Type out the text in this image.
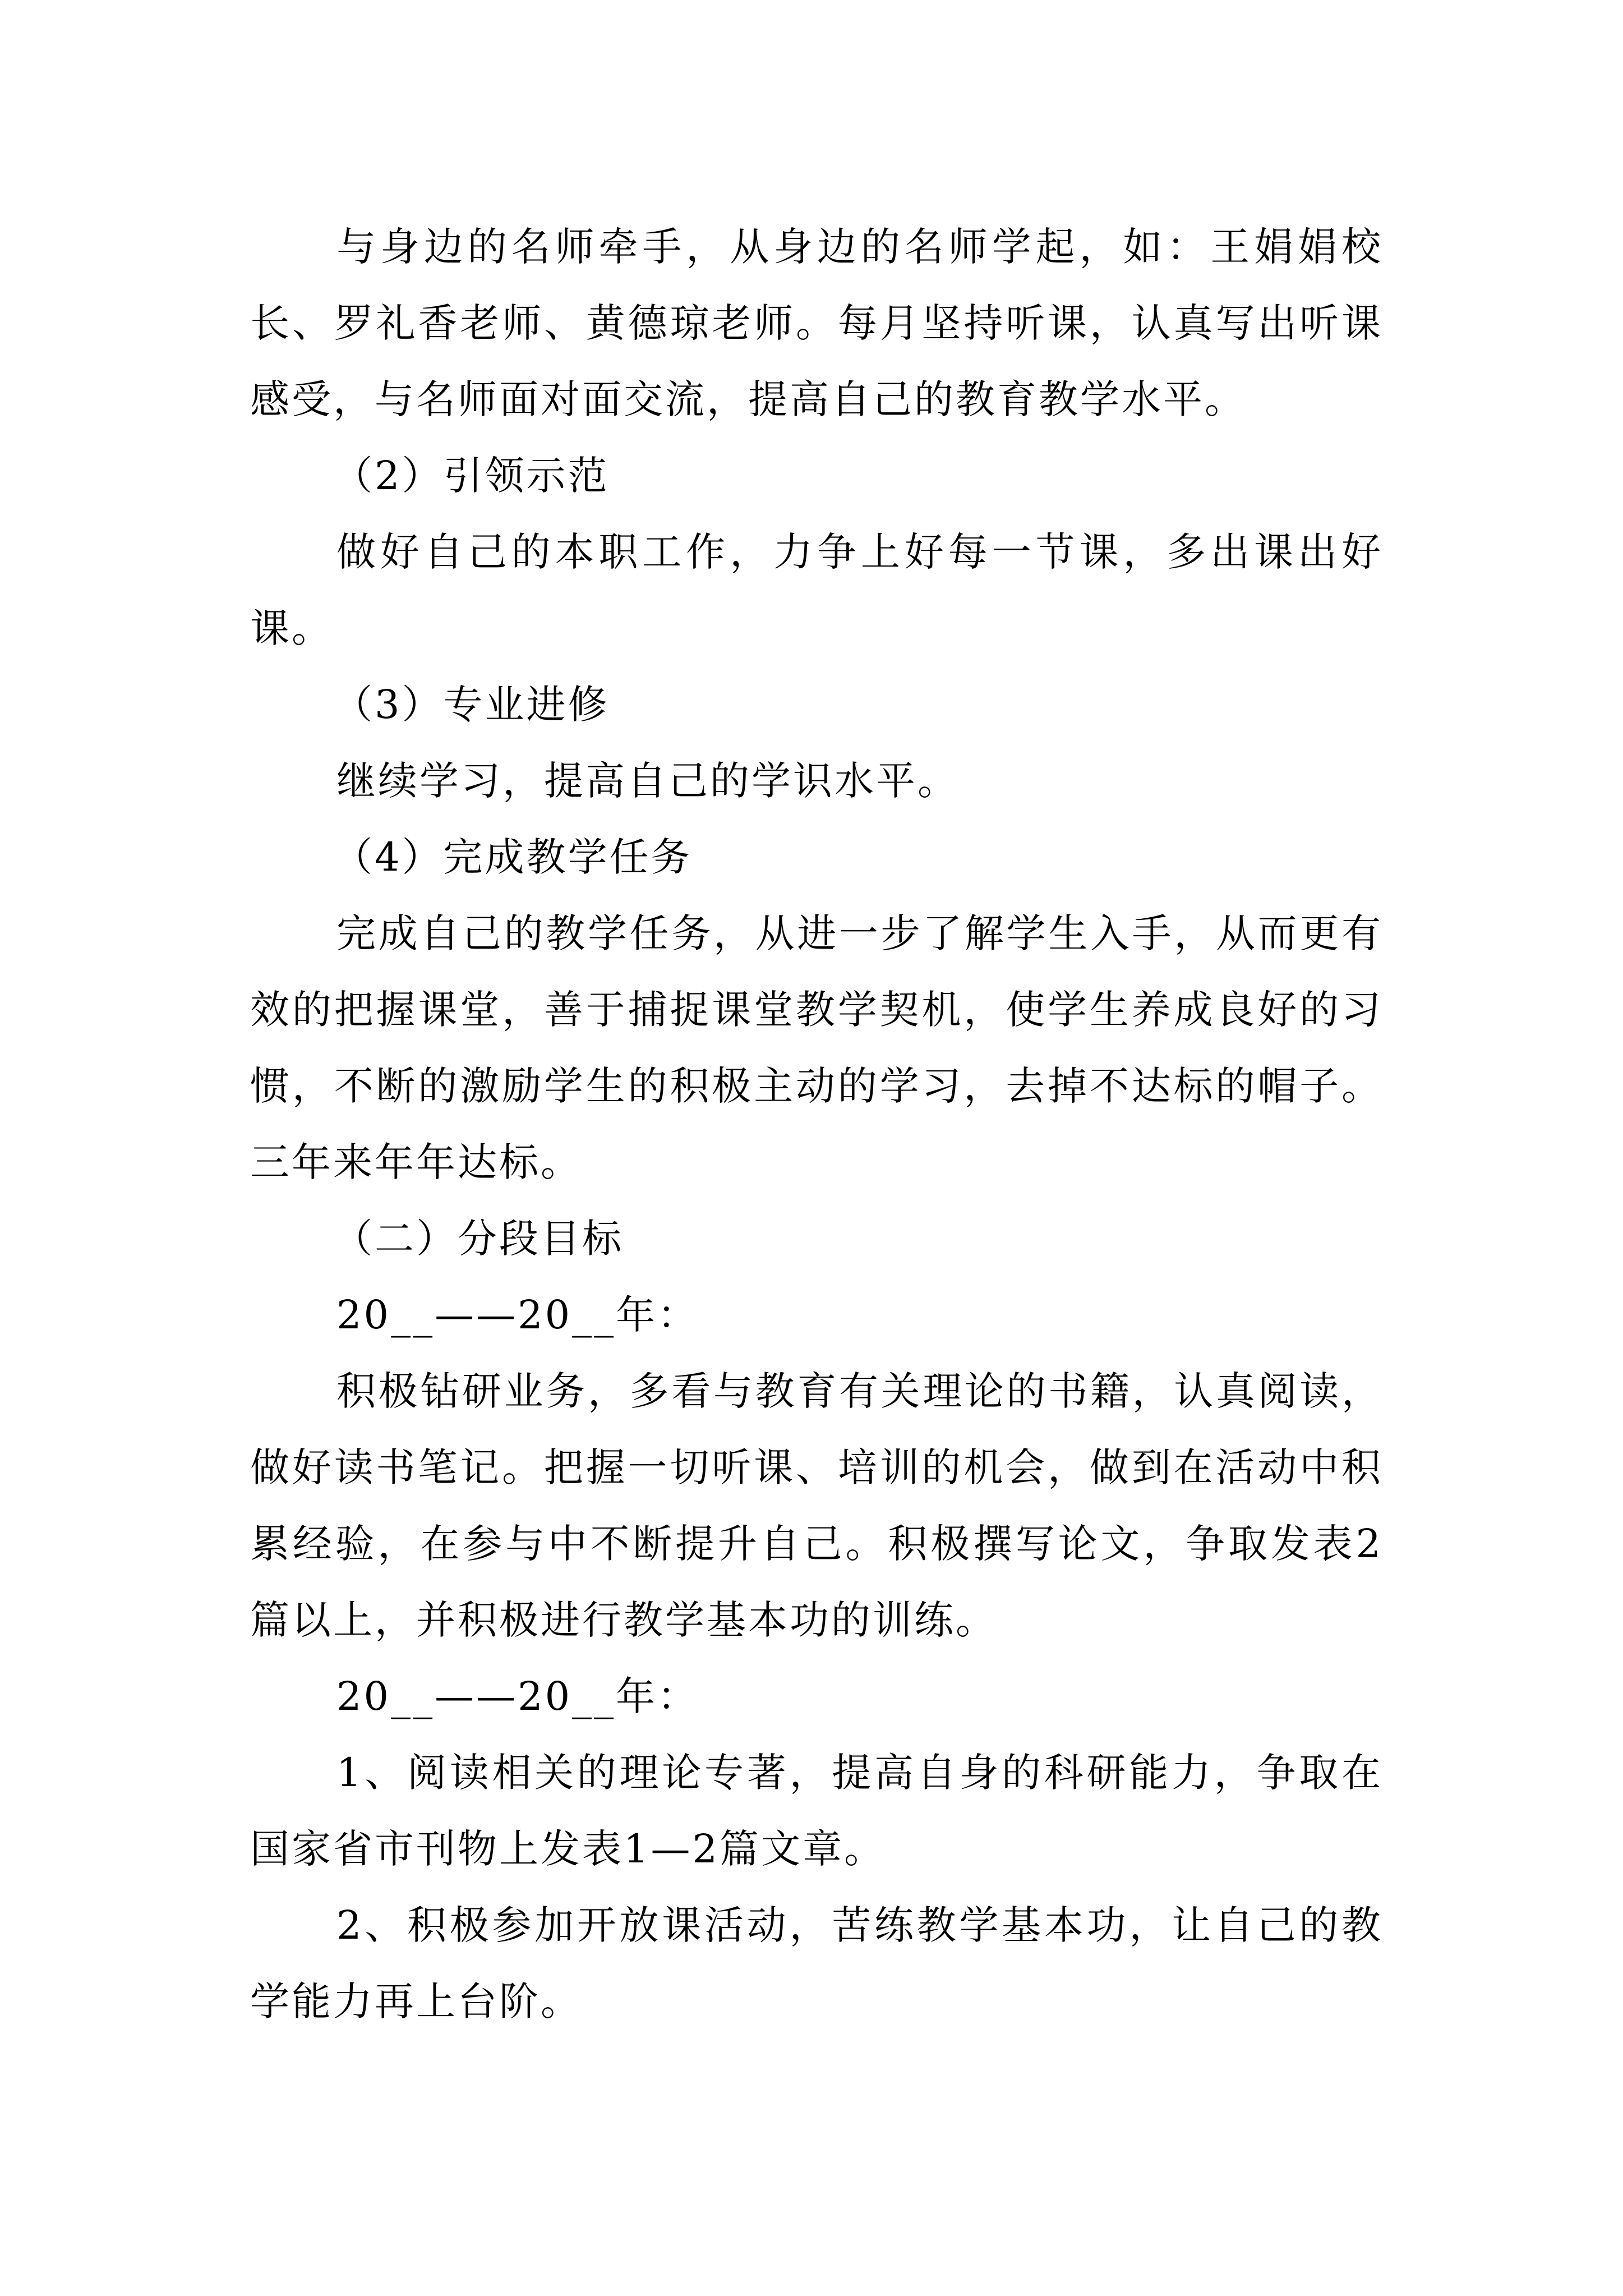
与身边的名师牵手，从身边的名师学起，如：王娟娟校长、罗礼香老师、黄德琼老师。每月坚持听课，认真写出听课感受，与名师面对面交流，提高自己的教育教学水平。

（2）引领示范

做好自己的本职工作，力争上好每一节课，多出课出好课。

（3）专业进修

继续学习，提高自己的学识水平。

（4）完成教学任务

完成自己的教学任务，从进一步了解学生入手，从而更有效的把握课堂，善于捕捉课堂教学契机，使学生养成良好的习惯，不断的激励学生的积极主动的学习，去掉不达标的帽子。三年来年年达标。

（二）分段目标

20__——20__年：

积极钻研业务，多看与教育有关理论的书籍，认真阅读，做好读书笔记。把握一切听课、培训的机会，做到在活动中积累经验，在参与中不断提升自己。积极撰写论文，争取发表2篇以上，并积极进行教学基本功的训练。

20__——20__年：

1、阅读相关的理论专著，提高自身的科研能力，争取在国家省市刊物上发表1—2篇文章。

2、积极参加开放课活动，苦练教学基本功，让自己的教学能力再上台阶。
